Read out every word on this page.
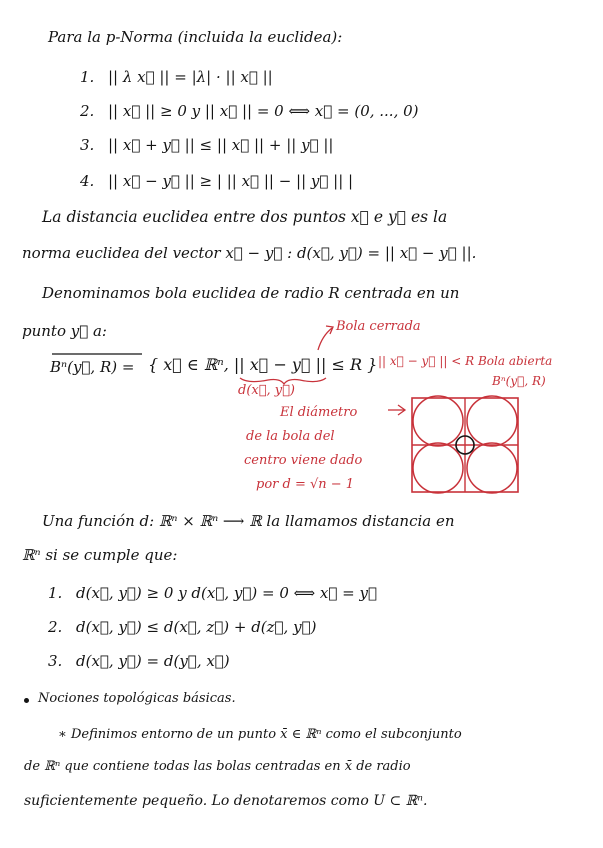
Para la p-Norma (incluida la euclidea):
1. || λ x⃗ || = |λ| · || x⃗ ||
2. || x⃗ || ≥ 0 y || x⃗ || = 0 ⟺ x⃗ = (0, ..., 0)
3. || x⃗ + y⃗ || ≤ || x⃗ || + || y⃗ ||
4. || x⃗ − y⃗ || ≥ | || x⃗ || − || y⃗ || |
La distancia euclidea entre dos puntos x⃗ e y⃗ es la
norma euclidea del vector x⃗ − y⃗ : d(x⃗, y⃗) = || x⃗ − y⃗ ||.
Denominamos bola euclidea de radio R centrada en un
punto y⃗ a:
Bⁿ(y⃗, R) = { x⃗ ∈ ℝⁿ, || x⃗ − y⃗ || ≤ R }
d(x⃗, y⃗)
Bola cerrada
|| x⃗ − y⃗ || < R Bola abierta
Bⁿ(y⃗, R)
El diámetro
de la bola del
centro viene dado
por d = √n − 1
Una función d: ℝⁿ × ℝⁿ ⟶ ℝ la llamamos distancia en
ℝⁿ si se cumple que:
1. d(x⃗, y⃗) ≥ 0 y d(x⃗, y⃗) = 0 ⟺ x⃗ = y⃗
2. d(x⃗, y⃗) ≤ d(x⃗, z⃗) + d(z⃗, y⃗)
3. d(x⃗, y⃗) = d(y⃗, x⃗)
Nociones topológicas básicas.
∗ Definimos entorno de un punto x̄ ∈ ℝⁿ como el subconjunto
de ℝⁿ que contiene todas las bolas centradas en x̄ de radio
suficientemente pequeño. Lo denotaremos como U ⊂ ℝⁿ.
